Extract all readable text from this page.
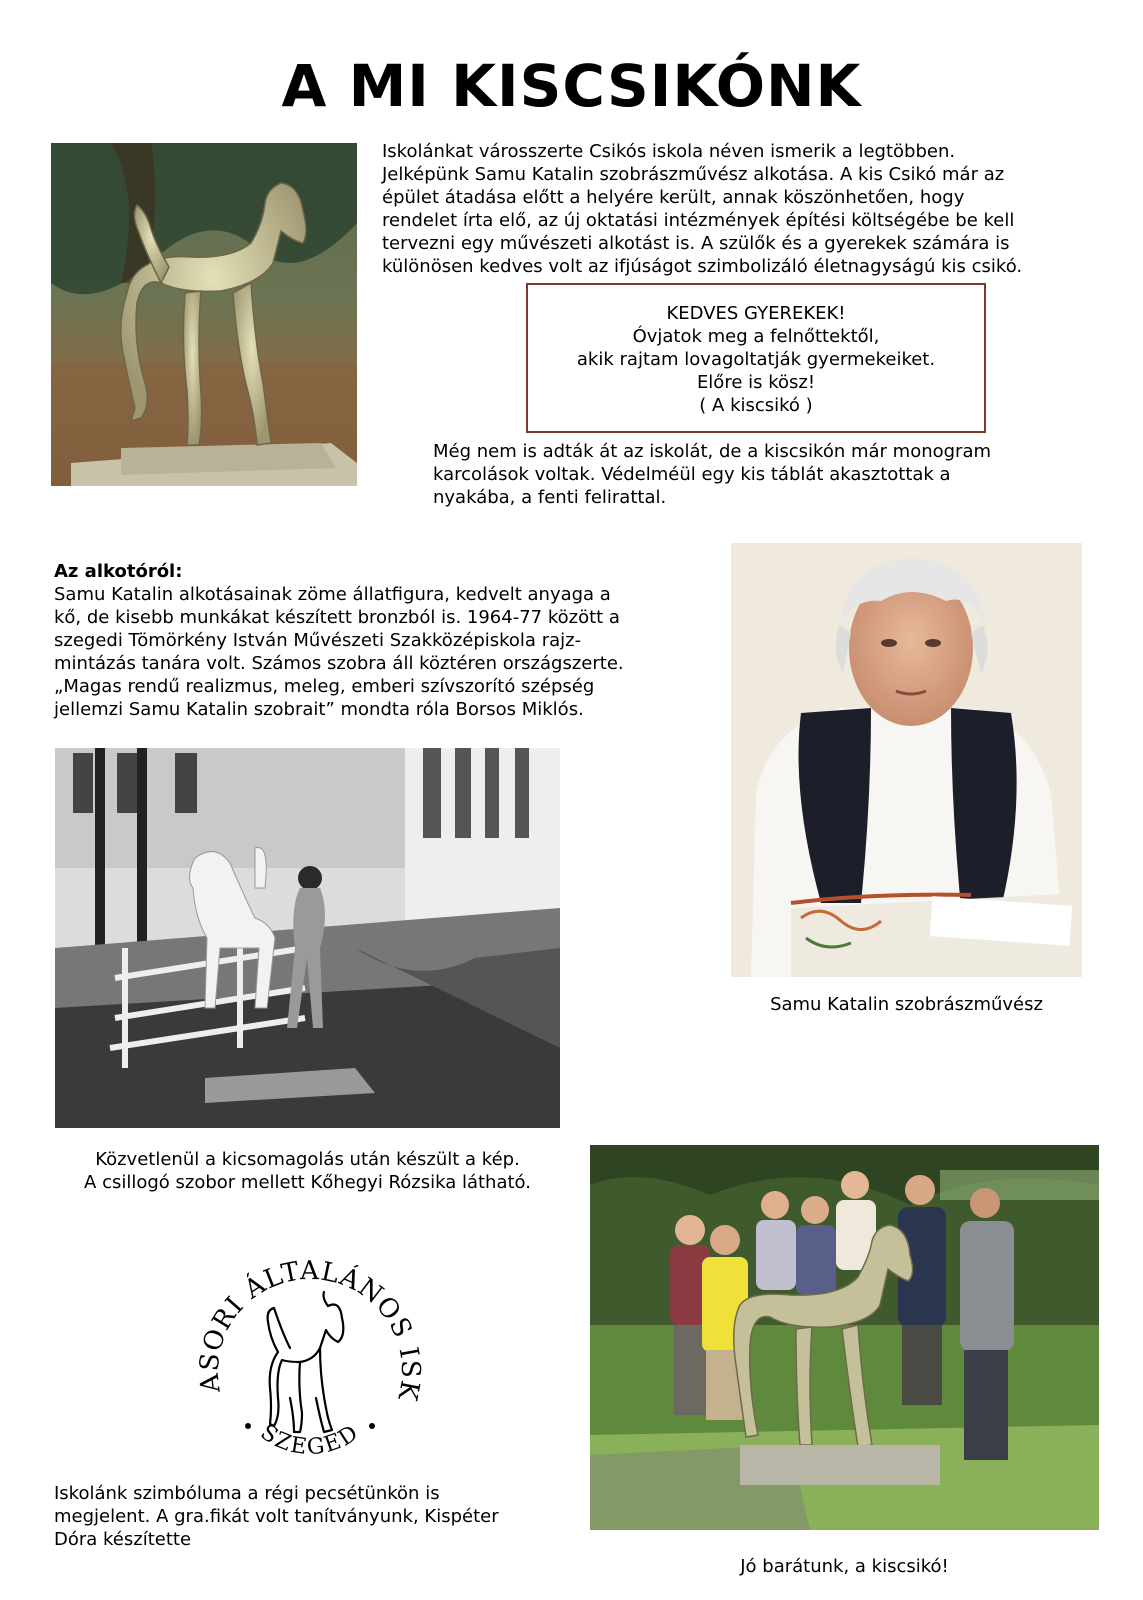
A MI KISCSIKÓNK
Iskolánkat városszerte Csikós iskola néven ismerik a legtöbben.
Jelképünk Samu Katalin szobrászművész alkotása. A kis Csikó már az
épület átadása előtt a helyére került, annak köszönhetően, hogy
rendelet írta elő, az új oktatási intézmények építési költségébe be kell
tervezni egy művészeti alkotást is. A szülők és a gyerekek számára is
különösen kedves volt az ifjúságot szimbolizáló életnagyságú kis csikó.
KEDVES GYEREKEK!
Óvjatok meg a felnőttektől,
akik rajtam lovagoltatják gyermekeiket.
Előre is kösz!
( A kiscsikó )
Még nem is adták át az iskolát, de a kiscsikón már monogram
karcolások voltak. Védelméül egy kis táblát akasztottak a
nyakába, a fenti felirattal.
Az alkotóról:
Samu Katalin alkotásainak zöme állatfigura, kedvelt anyaga a
kő, de kisebb munkákat készített bronzból is. 1964-77 között a
szegedi Tömörkény István Művészeti Szakközépiskola rajz-
mintázás tanára volt. Számos szobra áll köztéren országszerte.
„Magas rendű realizmus, meleg, emberi szívszorító szépség
jellemzi Samu Katalin szobrait” mondta róla Borsos Miklós.
Samu Katalin szobrászművész
Közvetlenül a kicsomagolás után készült a kép.
A csillogó szobor mellett Kőhegyi Rózsika látható.
ASORI ÁLTALÁNOS ISK
SZEGED
Iskolánk szimbóluma a régi pecsétünkön is
megjelent. A gra.fikát volt tanítványunk, Kispéter
Dóra készítette
Jó barátunk, a kiscsikó!
